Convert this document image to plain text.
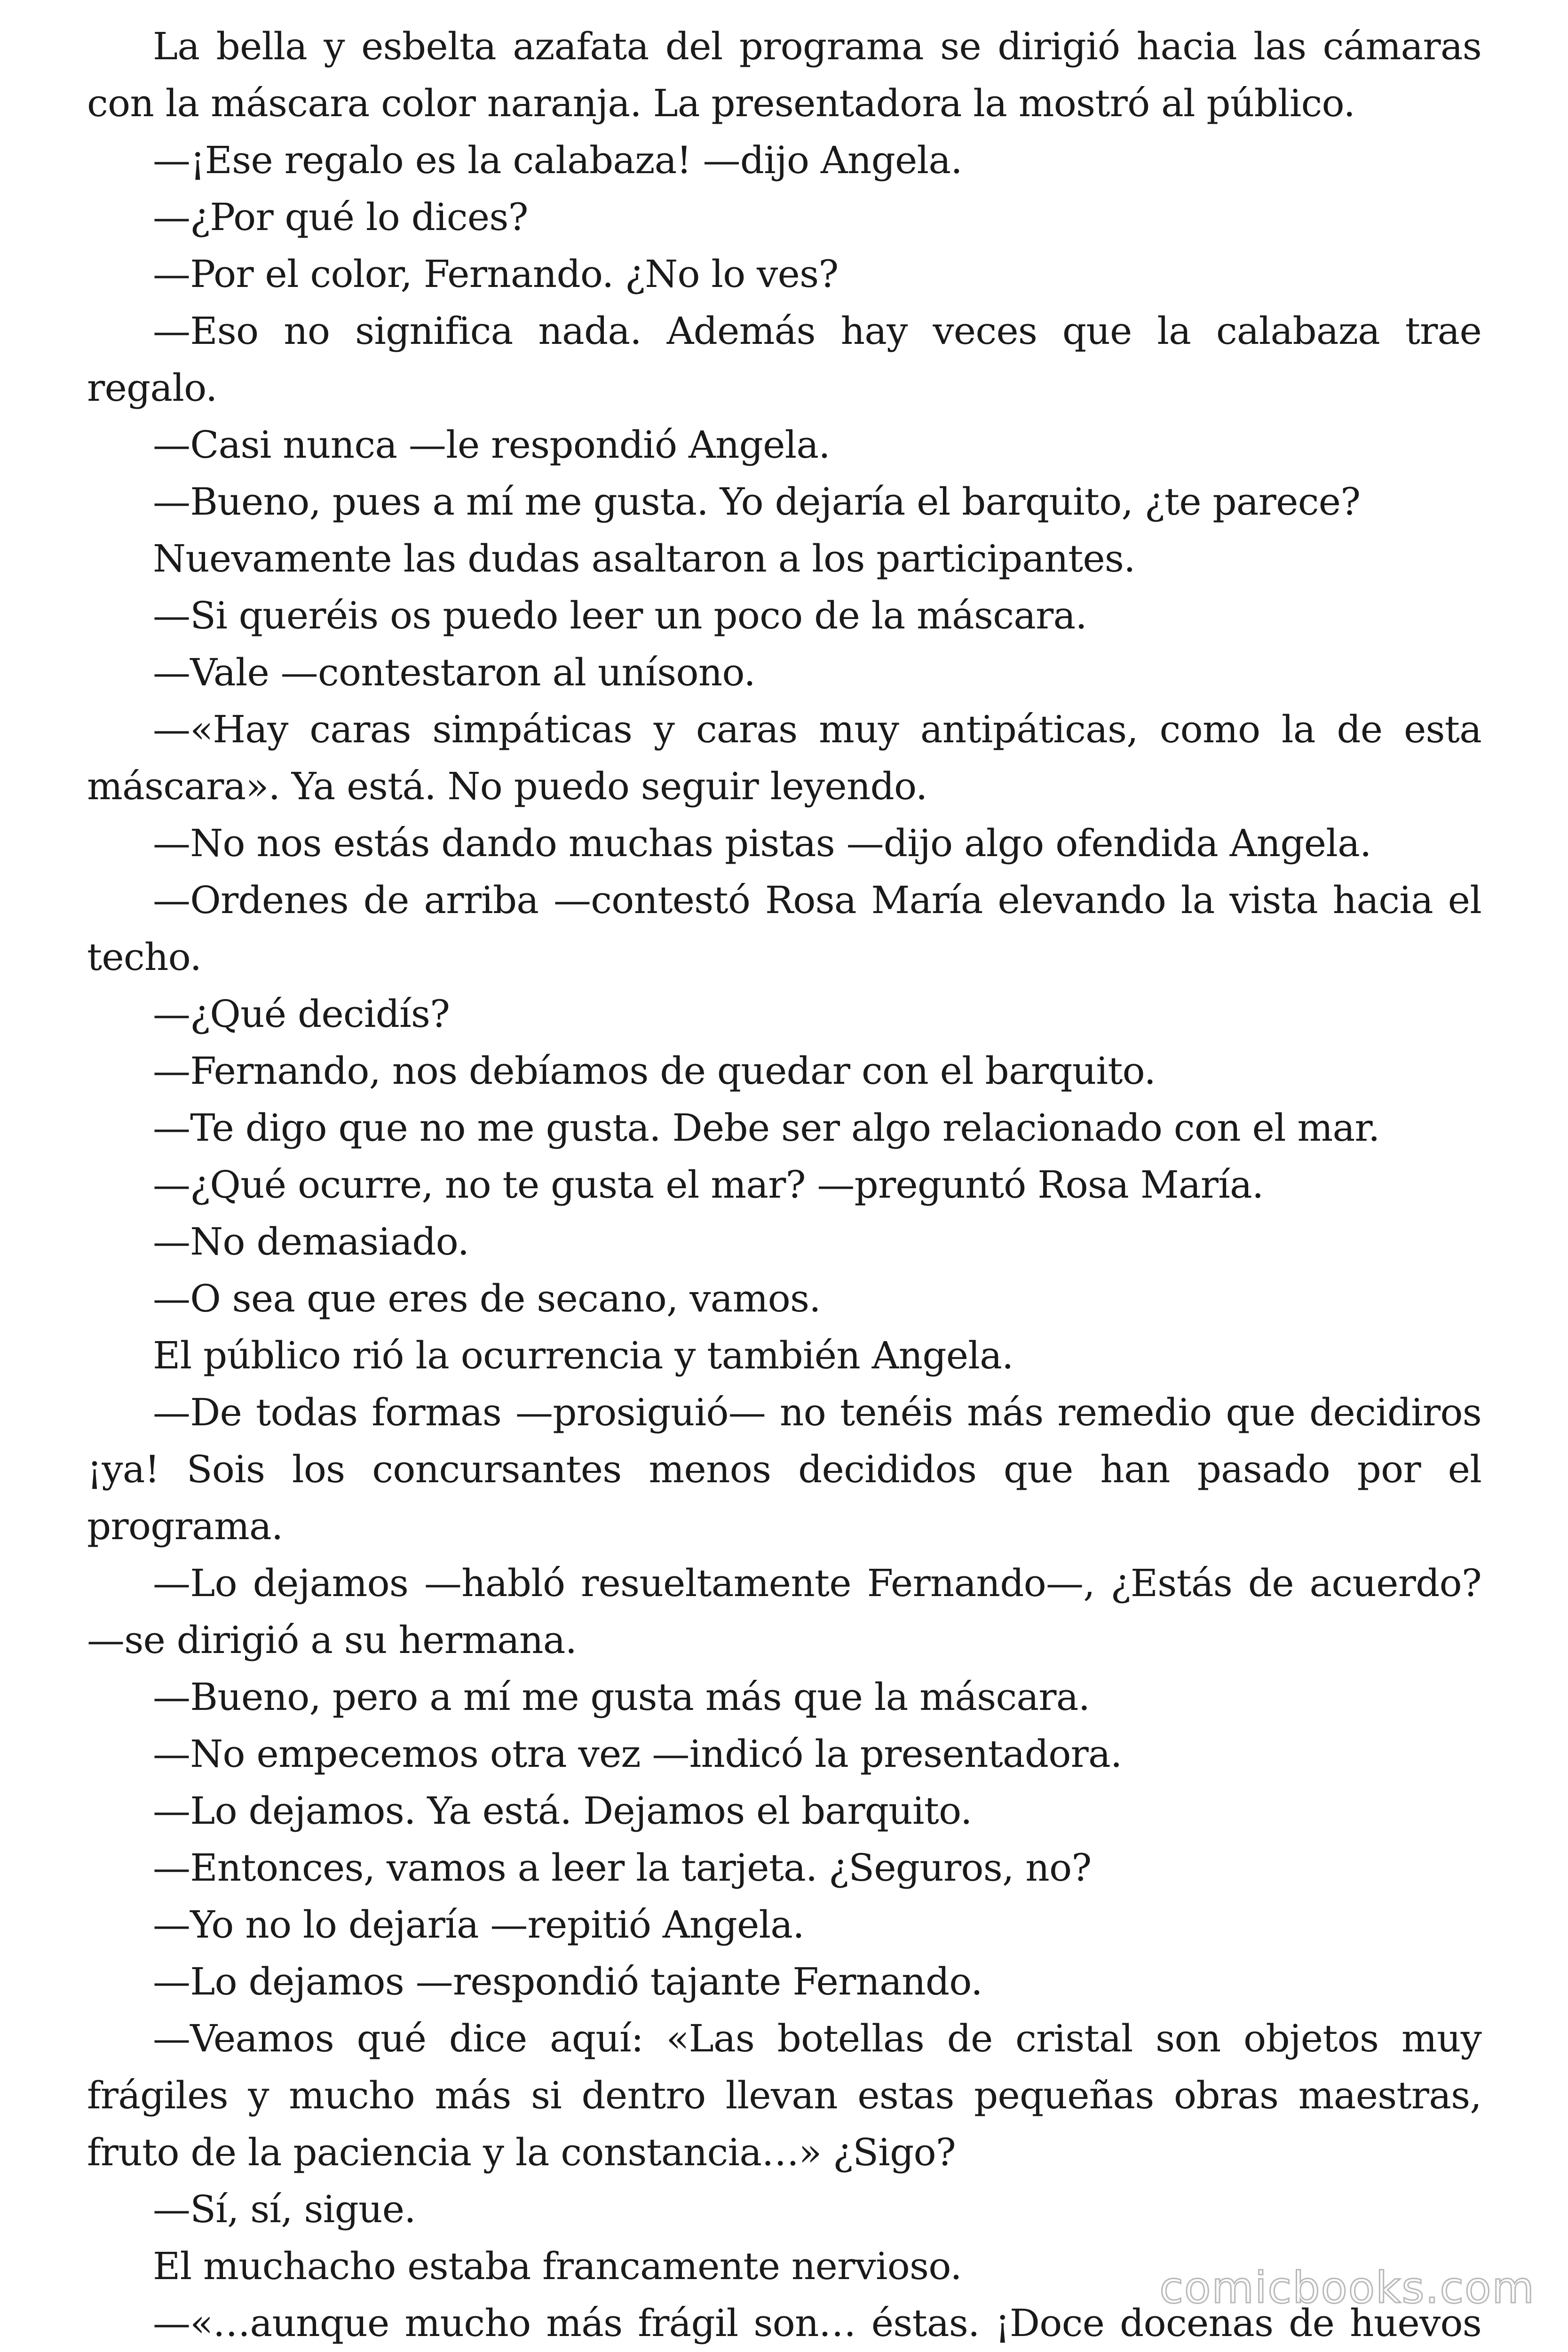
La bella y esbelta azafata del programa se dirigió hacia las cámaras con la máscara color naranja. La presentadora la mostró al público.

—¡Ese regalo es la calabaza! —dijo Angela.

—¿Por qué lo dices?

—Por el color, Fernando. ¿No lo ves?

—Eso no significa nada. Además hay veces que la calabaza trae regalo.

—Casi nunca —le respondió Angela.

—Bueno, pues a mí me gusta. Yo dejaría el barquito, ¿te parece?

Nuevamente las dudas asaltaron a los participantes.

—Si queréis os puedo leer un poco de la máscara.

—Vale —contestaron al unísono.

—«Hay caras simpáticas y caras muy antipáticas, como la de esta máscara». Ya está. No puedo seguir leyendo.

—No nos estás dando muchas pistas —dijo algo ofendida Angela.

—Ordenes de arriba —contestó Rosa María elevando la vista hacia el techo.

—¿Qué decidís?

—Fernando, nos debíamos de quedar con el barquito.

—Te digo que no me gusta. Debe ser algo relacionado con el mar.

—¿Qué ocurre, no te gusta el mar? —preguntó Rosa María.

—No demasiado.

—O sea que eres de secano, vamos.

El público rió la ocurrencia y también Angela.

—De todas formas —prosiguió— no tenéis más remedio que decidiros ¡ya! Sois los concursantes menos decididos que han pasado por el programa.

—Lo dejamos —habló resueltamente Fernando—, ¿Estás de acuerdo? —se dirigió a su hermana.

—Bueno, pero a mí me gusta más que la máscara.

—No empecemos otra vez —indicó la presentadora.

—Lo dejamos. Ya está. Dejamos el barquito.

—Entonces, vamos a leer la tarjeta. ¿Seguros, no?

—Yo no lo dejaría —repitió Angela.

—Lo dejamos —respondió tajante Fernando.

—Veamos qué dice aquí: «Las botellas de cristal son objetos muy frágiles y mucho más si dentro llevan estas pequeñas obras maestras, fruto de la paciencia y la constancia…» ¿Sigo?

—Sí, sí, sigue.

El muchacho estaba francamente nervioso.

—«…aunque mucho más frágil son… éstas. ¡Doce docenas de huevos

comicbooks.com
